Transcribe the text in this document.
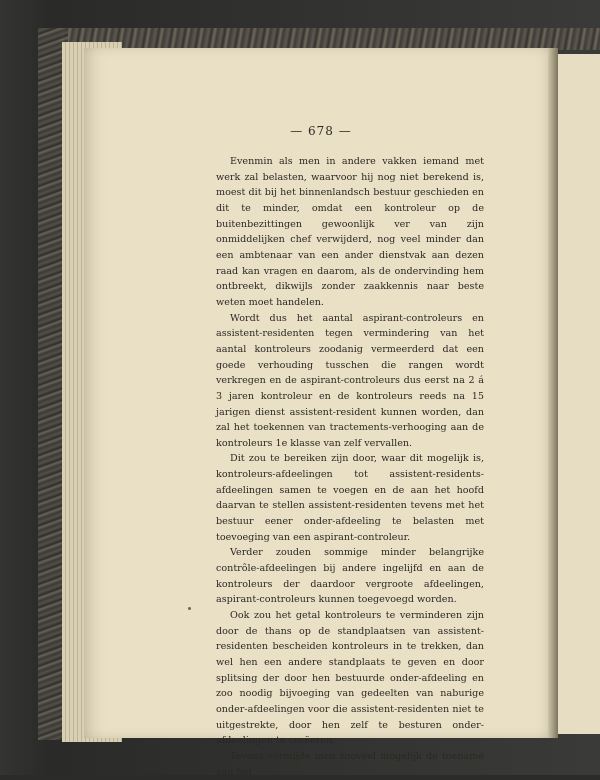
— 678 —

Evenmin als men in andere vakken iemand met werk zal belasten, waarvoor hij nog niet berekend is, moest dit bij het binnenlandsch bestuur geschieden en dit te minder, omdat een kontroleur op de buitenbezittingen gewoonlijk ver van zijn onmiddelijken chef verwijderd, nog veel minder dan een ambtenaar van een ander dienstvak aan dezen raad kan vragen en daarom, als de ondervinding hem ontbreekt, dikwijls zonder zaakkennis naar beste weten moet handelen.

Wordt dus het aantal aspirant-controleurs en assistent-residenten tegen vermindering van het aantal kontroleurs zoodanig vermeerderd dat een goede verhouding tusschen die rangen wordt verkregen en de aspirant-controleurs dus eerst na 2 á 3 jaren kontroleur en de kontroleurs reeds na 15 jarigen dienst assistent-resident kunnen worden, dan zal het toekennen van tractements-verhooging aan de kontroleurs 1e klasse van zelf vervallen.

Dit zou te bereiken zijn door, waar dit mogelijk is, kontroleurs-afdeelingen tot assistent-residents-afdeelingen samen te voegen en de aan het hoofd daarvan te stellen assistent-residenten tevens met het bestuur eener onder-afdeeling te belasten met toevoeging van een aspirant-controleur.

Verder zouden sommige minder belangrijke contrôle-afdeelingen bij andere ingelijfd en aan de kontroleurs der daardoor vergroote afdeelingen, aspirant-controleurs kunnen toegevoegd worden.

Ook zou het getal kontroleurs te verminderen zijn door de thans op de standplaatsen van assistent-residenten bescheiden kontroleurs in te trekken, dan wel hen een andere standplaats te geven en door splitsing der door hen bestuurde onder-afdeeling en zoo noodig bijvoeging van gedeelten van naburige onder-afdeelingen voor die assistent-residenten niet te uitgestrekte, door hen zelf te besturen onder-afdeelingen te creëeren.

Tevens vermijde men zooveel mogelijk de toename van het
